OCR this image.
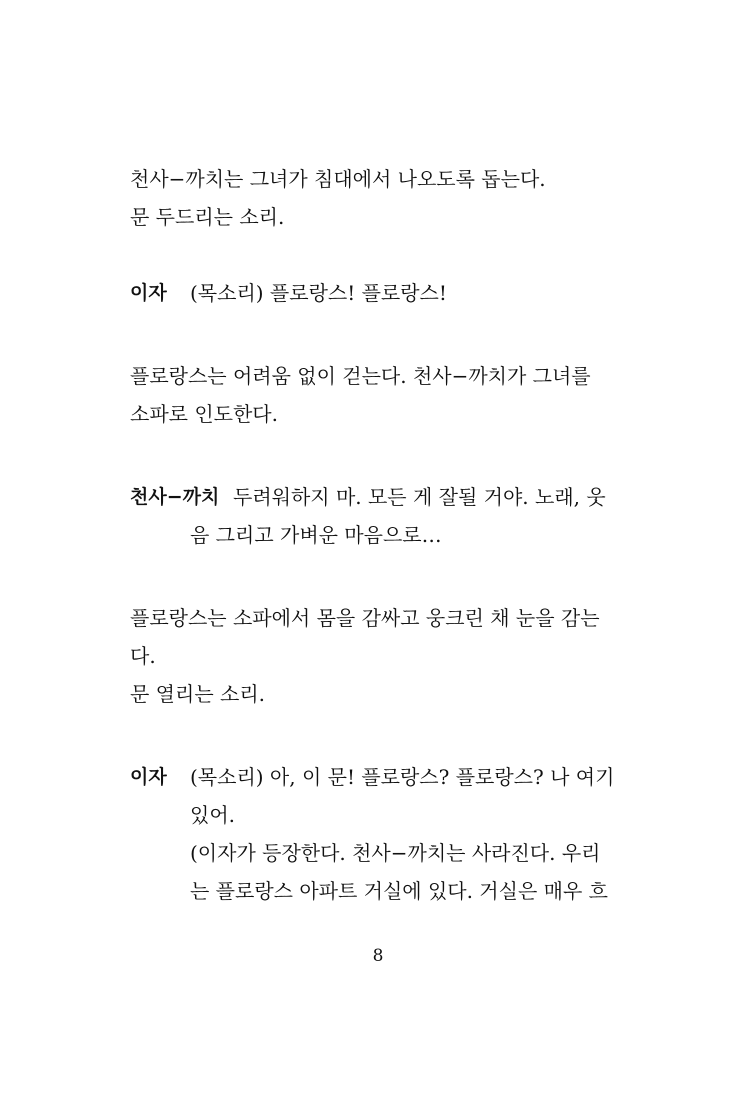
천사−까치는 그녀가 침대에서 나오도록 돕는다.
문 두드리는 소리.
이자	(목소리) 플로랑스! 플로랑스!
플로랑스는 어려움 없이 걷는다. 천사−까치가 그녀를
소파로 인도한다.
천사−까치 두려워하지 마. 모든 게 잘될 거야. 노래, 웃
음 그리고 가벼운 마음으로…
플로랑스는 소파에서 몸을 감싸고 웅크린 채 눈을 감는
다.
문 열리는 소리.
이자	(목소리) 아, 이 문! 플로랑스? 플로랑스? 나 여기
있어.
(이자가 등장한다. 천사−까치는 사라진다. 우리
는 플로랑스 아파트 거실에 있다. 거실은 매우 흐
8
